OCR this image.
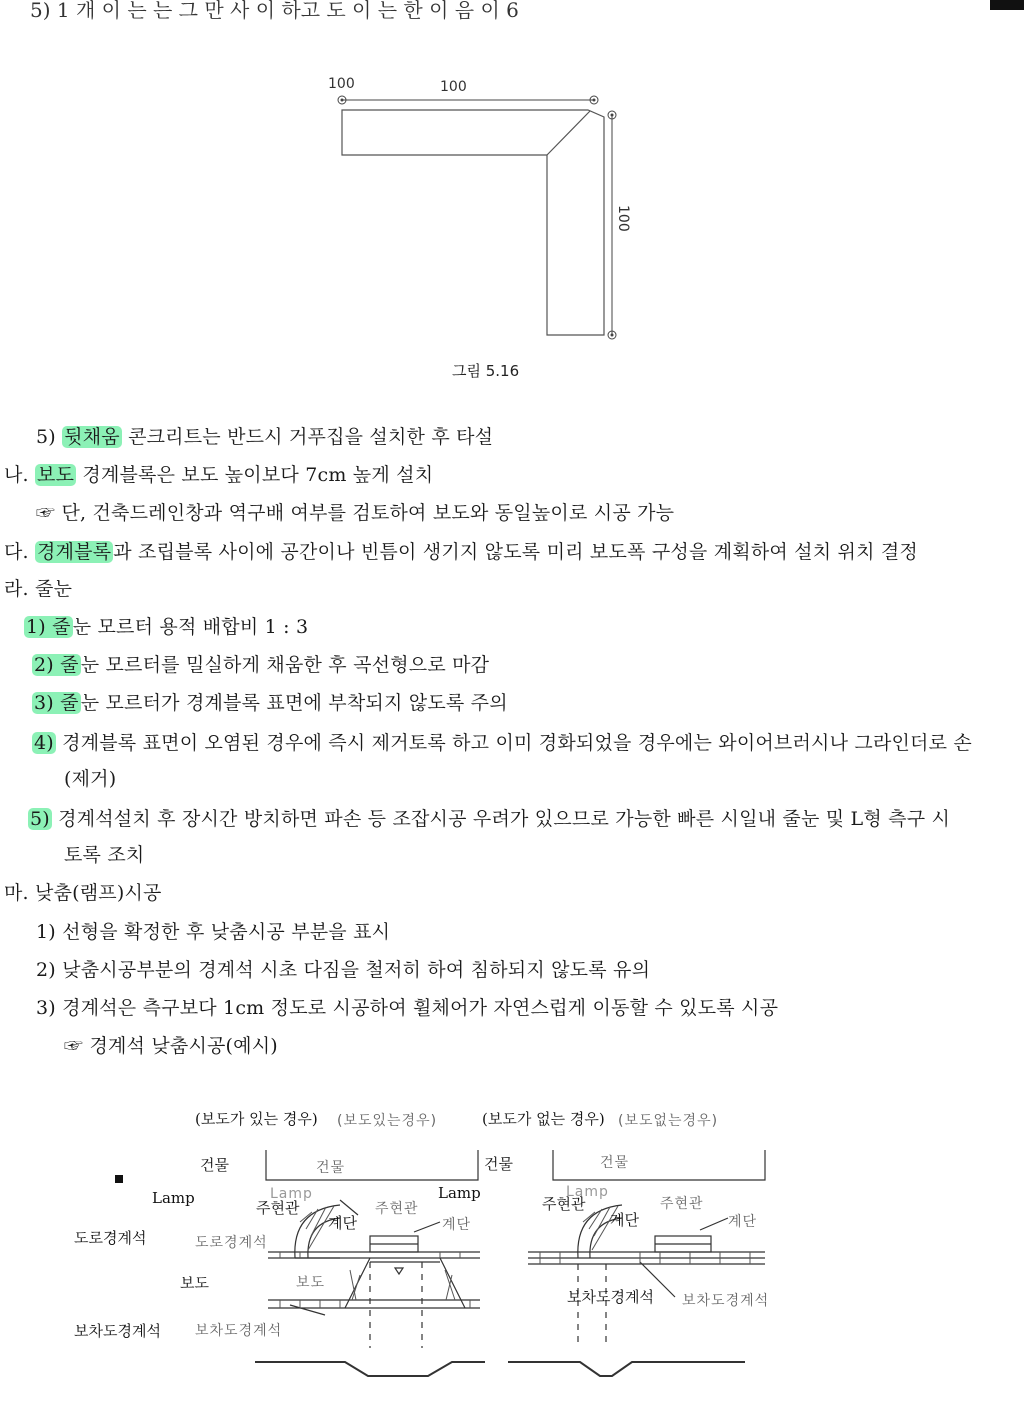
5) 1 개 이 는 는 그 만 사 이 하고 도 이 는 한 이 음 이 6
100	100
100
그림 5.16
5) 뒷채움 콘크리트는 반드시 거푸집을 설치한 후 타설
나. 보도 경계블록은 보도 높이보다 7cm 높게 설치
☞ 단, 건축드레인창과 역구배 여부를 검토하여 보도와 동일높이로 시공 가능
다. 경계블록 과 조립블록 사이에 공간이나 빈틈이 생기지 않도록 미리 보도폭 구성을 계획하여 설치 위치 결정
라. 줄눈
1) 줄 눈 모르터 용적 배합비 1 : 3
2) 줄 눈 모르터를 밀실하게 채움한 후 곡선형으로 마감
3) 줄 눈 모르터가 경계블록 표면에 부착되지 않도록 주의
4) 경계블록 표면이 오염된 경우에 즉시 제거토록 하고 이미 경화되었을 경우에는 와이어브러시나 그라인더로 손
(제거)
5) 경계석설치 후 장시간 방치하면 파손 등 조잡시공 우려가 있으므로 가능한 빠른 시일내 줄눈 및 L형 측구 시
토록 조치
마. 낮춤(램프)시공
1) 선형을 확정한 후 낮춤시공 부분을 표시
2) 낮춤시공부분의 경계석 시초 다짐을 철저히 하여 침하되지 않도록 유의
3) 경계석은 측구보다 1cm 정도로 시공하여 휠체어가 자연스럽게 이동할 수 있도록 시공
☞ 경계석 낮춤시공(예시)
(보도가 있는 경우) (보도있는경우)	(보도가 없는 경우) (보도없는경우)
건물	건물
Lamp	Lamp
주현관	주현관
계단	계단
Lamp
도로경계석	도로경계석
보도	보도
보차도경계석 보차도경계석
건물	건물
Lamp
주현관	주현관
계단	계단
보차도경계석 보차도경계석
